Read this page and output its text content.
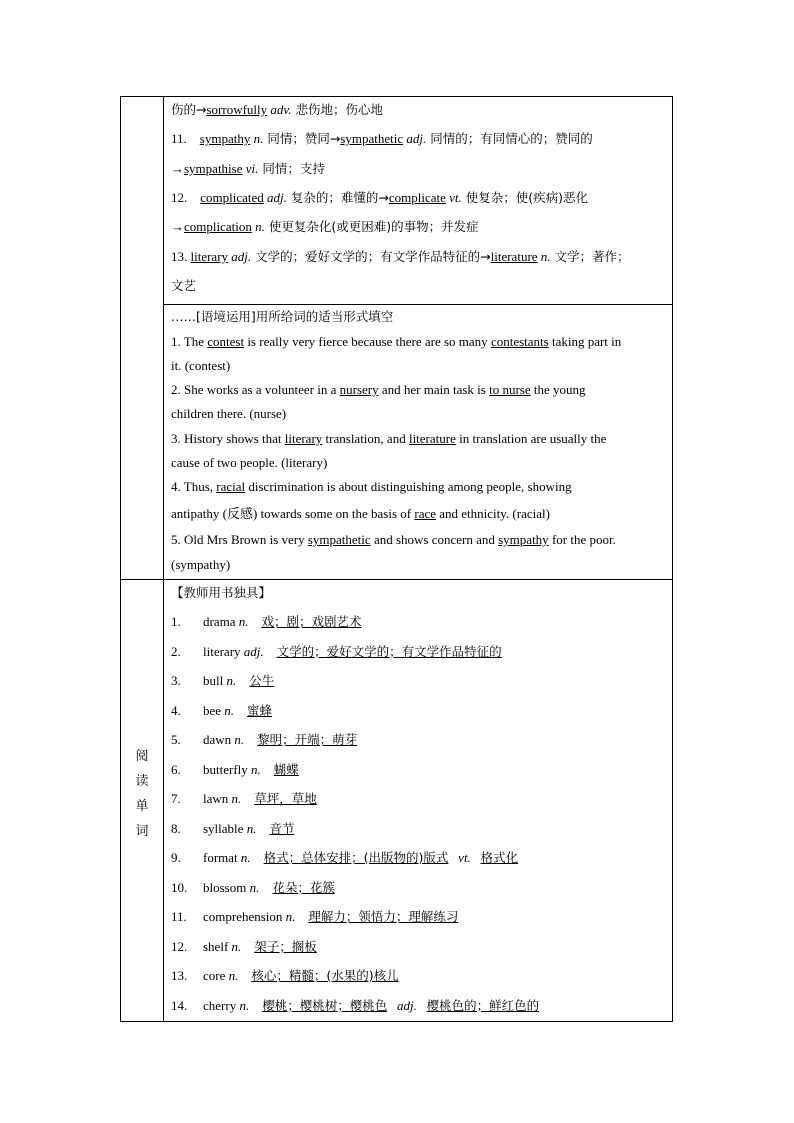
伤的→sorrowfully adv. 悲伤地；伤心地
11. sympathy n. 同情；赞同→sympathetic adj. 同情的；有同情心的；赞同的
→sympathise vi. 同情；支持
12. complicated adj. 复杂的；难懂的→complicate vt. 使复杂；使(疾病)恶化
→complication n. 使更复杂化(或更困难)的事物；并发症
13. literary adj. 文学的；爱好文学的；有文学作品特征的→literature n. 文学；著作；
文艺
……[语境运用]用所给词的适当形式填空
1. The contest is really very fierce because there are so many contestants taking part in
it. (contest)
2. She works as a volunteer in a nursery and her main task is to nurse the young
children there. (nurse)
3. History shows that literary translation, and literature in translation are usually the
cause of two people. (literary)
4. Thus, racial discrimination is about distinguishing among people, showing
antipathy (反感) towards some on the basis of race and ethnicity. (racial)
5. Old Mrs Brown is very sympathetic and shows concern and sympathy for the poor.
(sympathy)
阅
读
单
词
【教师用书独具】
1. drama n. 戏；剧；戏剧艺术
2. literary adj. 文学的；爱好文学的；有文学作品特征的
3. bull n. 公牛
4. bee n. 蜜蜂
5. dawn n. 黎明；开端；萌芽
6. butterfly n. 蝴蝶
7. lawn n. 草坪，草地
8. syllable n. 音节
9. format n. 格式；总体安排；(出版物的)版式 vt. 格式化
10. blossom n. 花朵；花簇
11. comprehension n. 理解力；领悟力；理解练习
12. shelf n. 架子；搁板
13. core n. 核心；精髓；(水果的)核儿
14. cherry n. 樱桃；樱桃树；樱桃色 adj. 樱桃色的；鲜红色的
